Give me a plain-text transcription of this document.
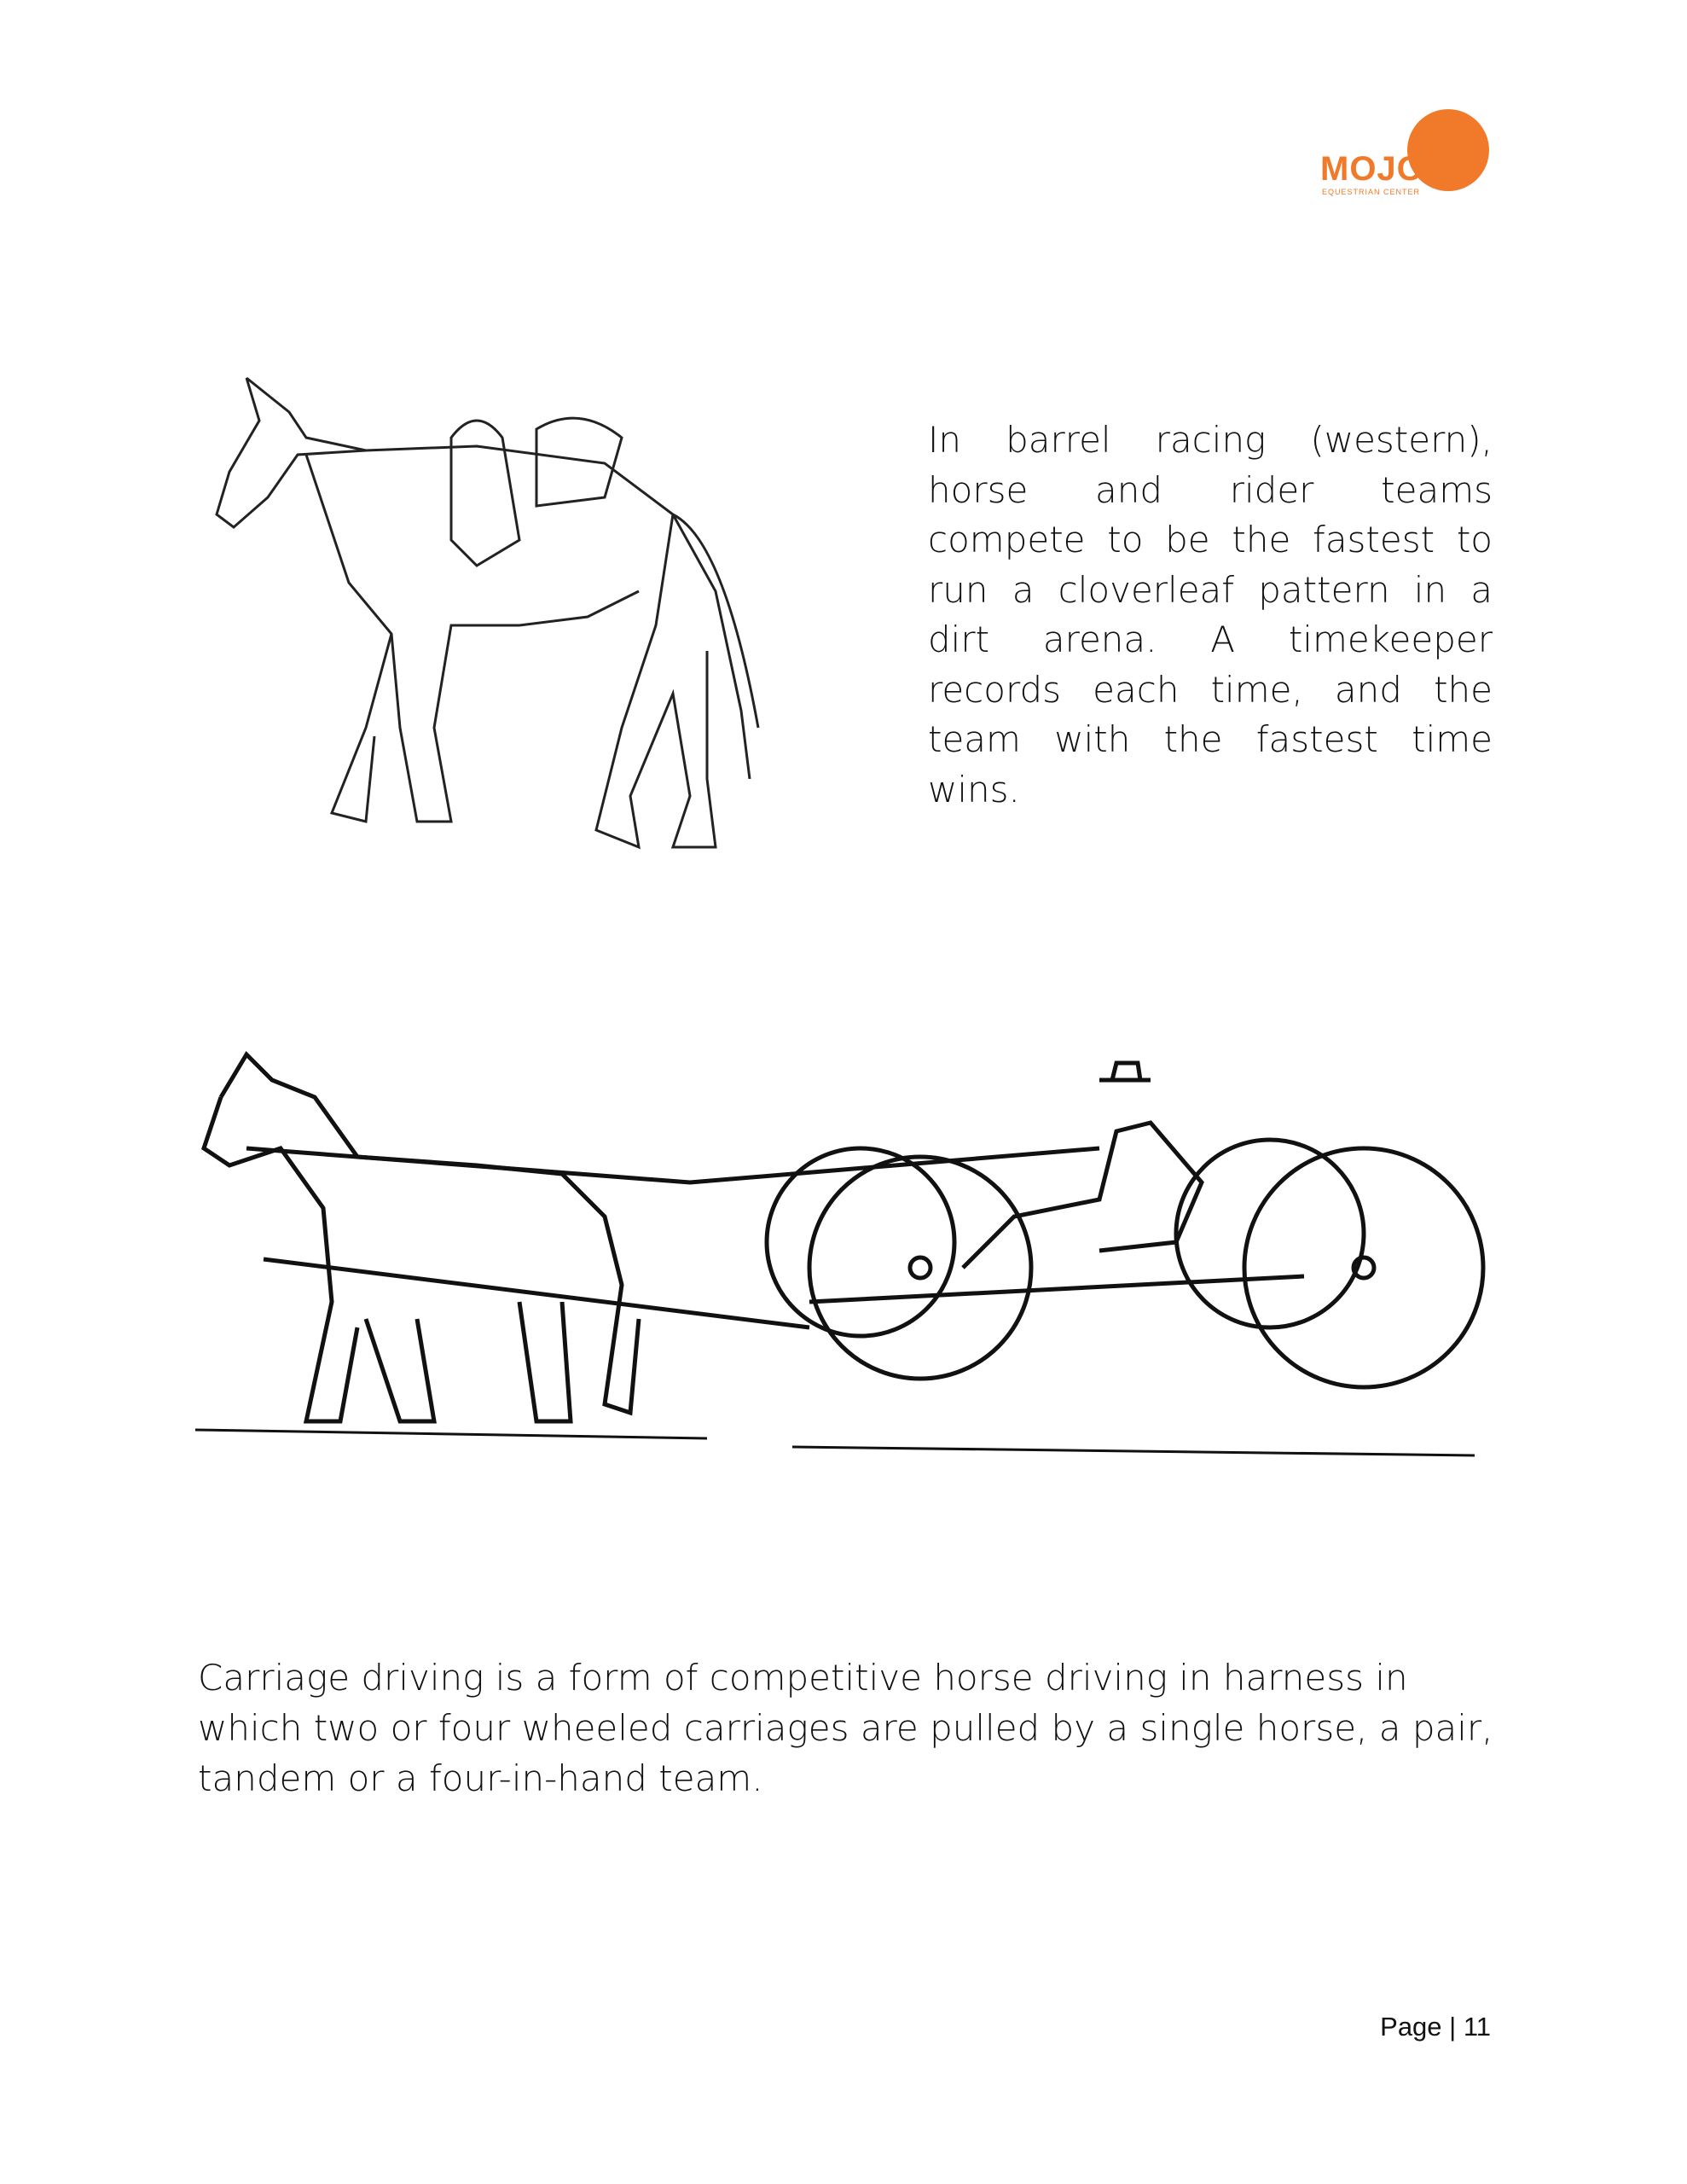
MOJO
EQUESTRIAN CENTER
In barrel racing (western), horse and rider teams compete to be the fastest to run a cloverleaf pattern in a dirt arena. A timekeeper records each time, and the team with the fastest time wins.
Carriage driving is a form of competitive horse driving in harness in which two or four wheeled carriages are pulled by a single horse, a pair, tandem or a four-in-hand team.
Page | 11
